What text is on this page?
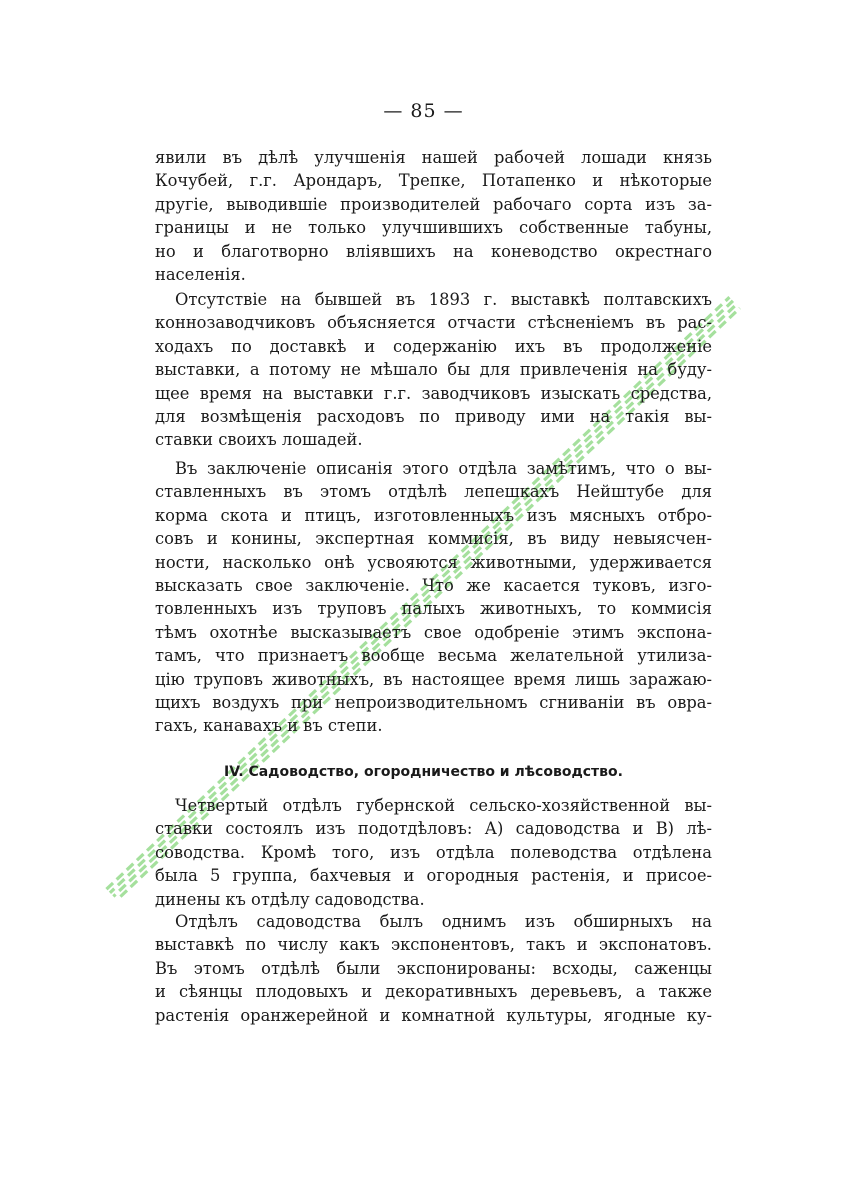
— 85 —
явили въ дѣлѣ улучшенія нашей рабочей лошади князь
Кочубей, г.г. Арондаръ, Трепке, Потапенко и нѣкоторые
другіе, выводившіе производителей рабочаго сорта изъ за-
границы и не только улучшившихъ собственные табуны,
но и благотворно вліявшихъ на коневодство окрестнаго
населенія.
Отсутствіе на бывшей въ 1893 г. выставкѣ полтавскихъ
коннозаводчиковъ объясняется отчасти стѣсненіемъ въ рас-
ходахъ по доставкѣ и содержанію ихъ въ продолженіе
выставки, а потому не мѣшало бы для привлеченія на буду-
щее время на выставки г.г. заводчиковъ изыскать средства,
для возмѣщенія расходовъ по приводу ими на такія вы-
ставки своихъ лошадей.
Въ заключеніе описанія этого отдѣла замѣтимъ, что о вы-
ставленныхъ въ этомъ отдѣлѣ лепешкахъ Нейштубе для
корма скота и птицъ, изготовленныхъ изъ мясныхъ отбро-
совъ и конины, экспертная коммисія, въ виду невыясчен-
ности, насколько онѣ усвояются животными, удерживается
высказать свое заключеніе. Что же касается туковъ, изго-
товленныхъ изъ труповъ палыхъ животныхъ, то коммисія
тѣмъ охотнѣе высказываетъ свое одобреніе этимъ экспона-
тамъ, что признаетъ вообще весьма желательной утилиза-
цію труповъ животныхъ, въ настоящее время лишь заражаю-
щихъ воздухъ при непроизводительномъ сгниваніи въ овра-
гахъ, канавахъ и въ степи.
IV. Садоводство, огородничество и лѣсоводство.
Четвертый отдѣлъ губернской сельско-хозяйственной вы-
ставки состоялъ изъ подотдѣловъ: А) садоводства и В) лѣ-
соводства. Кромѣ того, изъ отдѣла полеводства отдѣлена
была 5 группа, бахчевыя и огородныя растенія, и присое-
динены къ отдѣлу садоводства.
Отдѣлъ садоводства былъ однимъ изъ обширныхъ на
выставкѣ по числу какъ экспонентовъ, такъ и экспонатовъ.
Въ этомъ отдѣлѣ были экспонированы: всходы, саженцы
и сѣянцы плодовыхъ и декоративныхъ деревьевъ, а также
растенія оранжерейной и комнатной культуры, ягодные ку-
